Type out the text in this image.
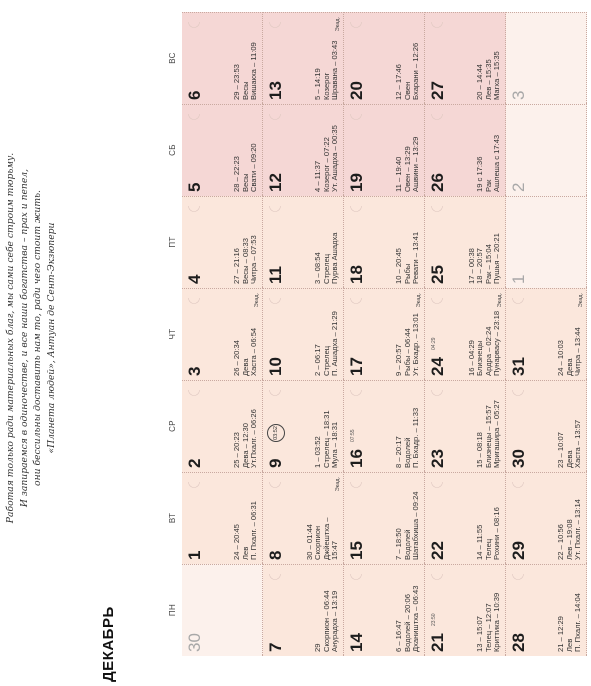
Работая только ради материальных благ, мы сами себе строим тюрьму. И запираемся в одиночестве, и все наши богатства – прах и пепел, они бессильны доставить нам то, ради чего стоит жить. «Планета людей», Антуан де Сент-Экзюпери
ДЕКАБРЬ	ПН
ВТ
СР
ЧТ
ПТ
СБ
ВС
30
1	24 – 20:45 Лев П. Пхалг. – 06:31
2	25 – 20:23 Дева – 12:30 Ут.Пхалг. – 06:26
3	26 – 20:34 Дева Хаста – 06:54
Экад.
4	27 – 21:16 Весы – 08:33 Читра – 07:53
5	28 – 22:23 Весы Свати – 09:20
6	29 – 23:53 Весы Вишакха – 11:09
7	29 Скорпион – 06:44 Анурадха – 13:19
8	30 – 01:44 Скорпион Джйештха – 15:47
Экад.
9	1 – 03:52 Стрелец – 18:31 Мула – 18:31
03:52
10	2 – 06:17 Стрелец П. Ашадха – 21:29
11	3 – 08:54 Стрелец Пурва Ашадха
12	4 – 11:37 Козерог – 07:22 Ут. Ашадха – 00:35
13	5 – 14:19 Козерог Шравана – 03:43
Экад.
14	6 – 16:47 Водолей – 20:06 Дхаништха – 06:43
15	7 – 18:50 Водолей Шатабхиша – 09:24
16	8 – 20:17 Водолей П. Бхадр. – 11:33
07:55
17	9 – 20:57 Рыбы – 06:44 Ут. Бхадр. – 13:01
Экад.
18	10 – 20:45 Рыбы Ревати – 13:41
19	11 – 19:40 Овен – 13:29 Ашвини – 13:29
20	12 – 17:46 Овен Бхарани – 12:26
21	13 – 15:07 Телец – 12:07 Криттика – 10:39
23:50
22	14 – 11:55 Телец Рохини – 08:16
23	15 – 08:18 Близнецы – 15:57 Мригашира – 05:27
24	16 – 04:29 Близнецы Ардра – 02:24 Пунарвасу – 23:18
04:29
Экад.
25	17 – 00:38 18 – 20:57 Рак – 15:04 Пушья – 20:21
26	19 с 17:36 Рак Ашлеша с 17:43
27	20 – 14:44 Лев – 15:35 Магха – 15:35
28	21 – 12:29 Лев П. Пхалг. – 14:04
29	22 – 10:56 Лев – 19:08 Ут. Пхалг. – 13:14
30	23 – 10:07 Дева Хаста – 13:57
31	24 – 10:03 Дева Читра – 13:44
Экад.
1
2
3
